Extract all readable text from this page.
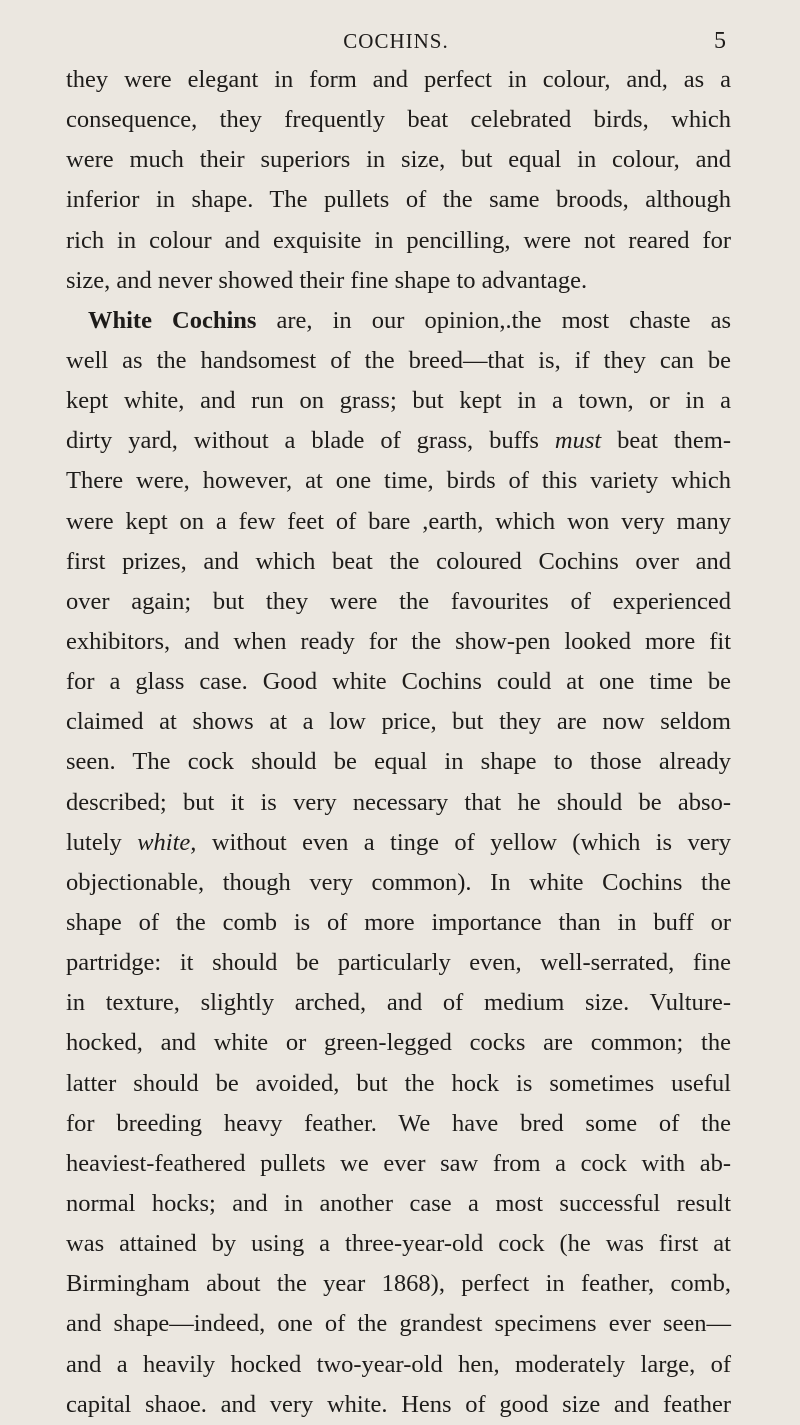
COCHINS.	5
they were elegant in form and perfect in colour, and, as a
consequence, they frequently beat celebrated birds, which
were much their superiors in size, but equal in colour, and
inferior in shape. The pullets of the same broods, although
rich in colour and exquisite in pencilling, were not reared for
size, and never showed their fine shape to advantage.
White Cochins are, in our opinion,.the most chaste as
well as the handsomest of the breed—that is, if they can be
kept white, and run on grass; but kept in a town, or in a
dirty yard, without a blade of grass, buffs must beat them-
There were, however, at one time, birds of this variety which
were kept on a few feet of bare ,earth, which won very many
first prizes, and which beat the coloured Cochins over and
over again; but they were the favourites of experienced
exhibitors, and when ready for the show-pen looked more fit
for a glass case. Good white Cochins could at one time be
claimed at shows at a low price, but they are now seldom
seen. The cock should be equal in shape to those already
described; but it is very necessary that he should be abso-
lutely white, without even a tinge of yellow (which is very
objectionable, though very common). In white Cochins the
shape of the comb is of more importance than in buff or
partridge: it should be particularly even, well-serrated, fine
in texture, slightly arched, and of medium size. Vulture-
hocked, and white or green-legged cocks are common; the
latter should be avoided, but the hock is sometimes useful
for breeding heavy feather. We have bred some of the
heaviest-feathered pullets we ever saw from a cock with ab-
normal hocks; and in another case a most successful result
was attained by using a three-year-old cock (he was first at
Birmingham about the year 1868), perfect in feather, comb,
and shape—indeed, one of the grandest specimens ever seen—
and a heavily hocked two-year-old hen, moderately large, of
capital shaoe. and very white. Hens of good size and feather
